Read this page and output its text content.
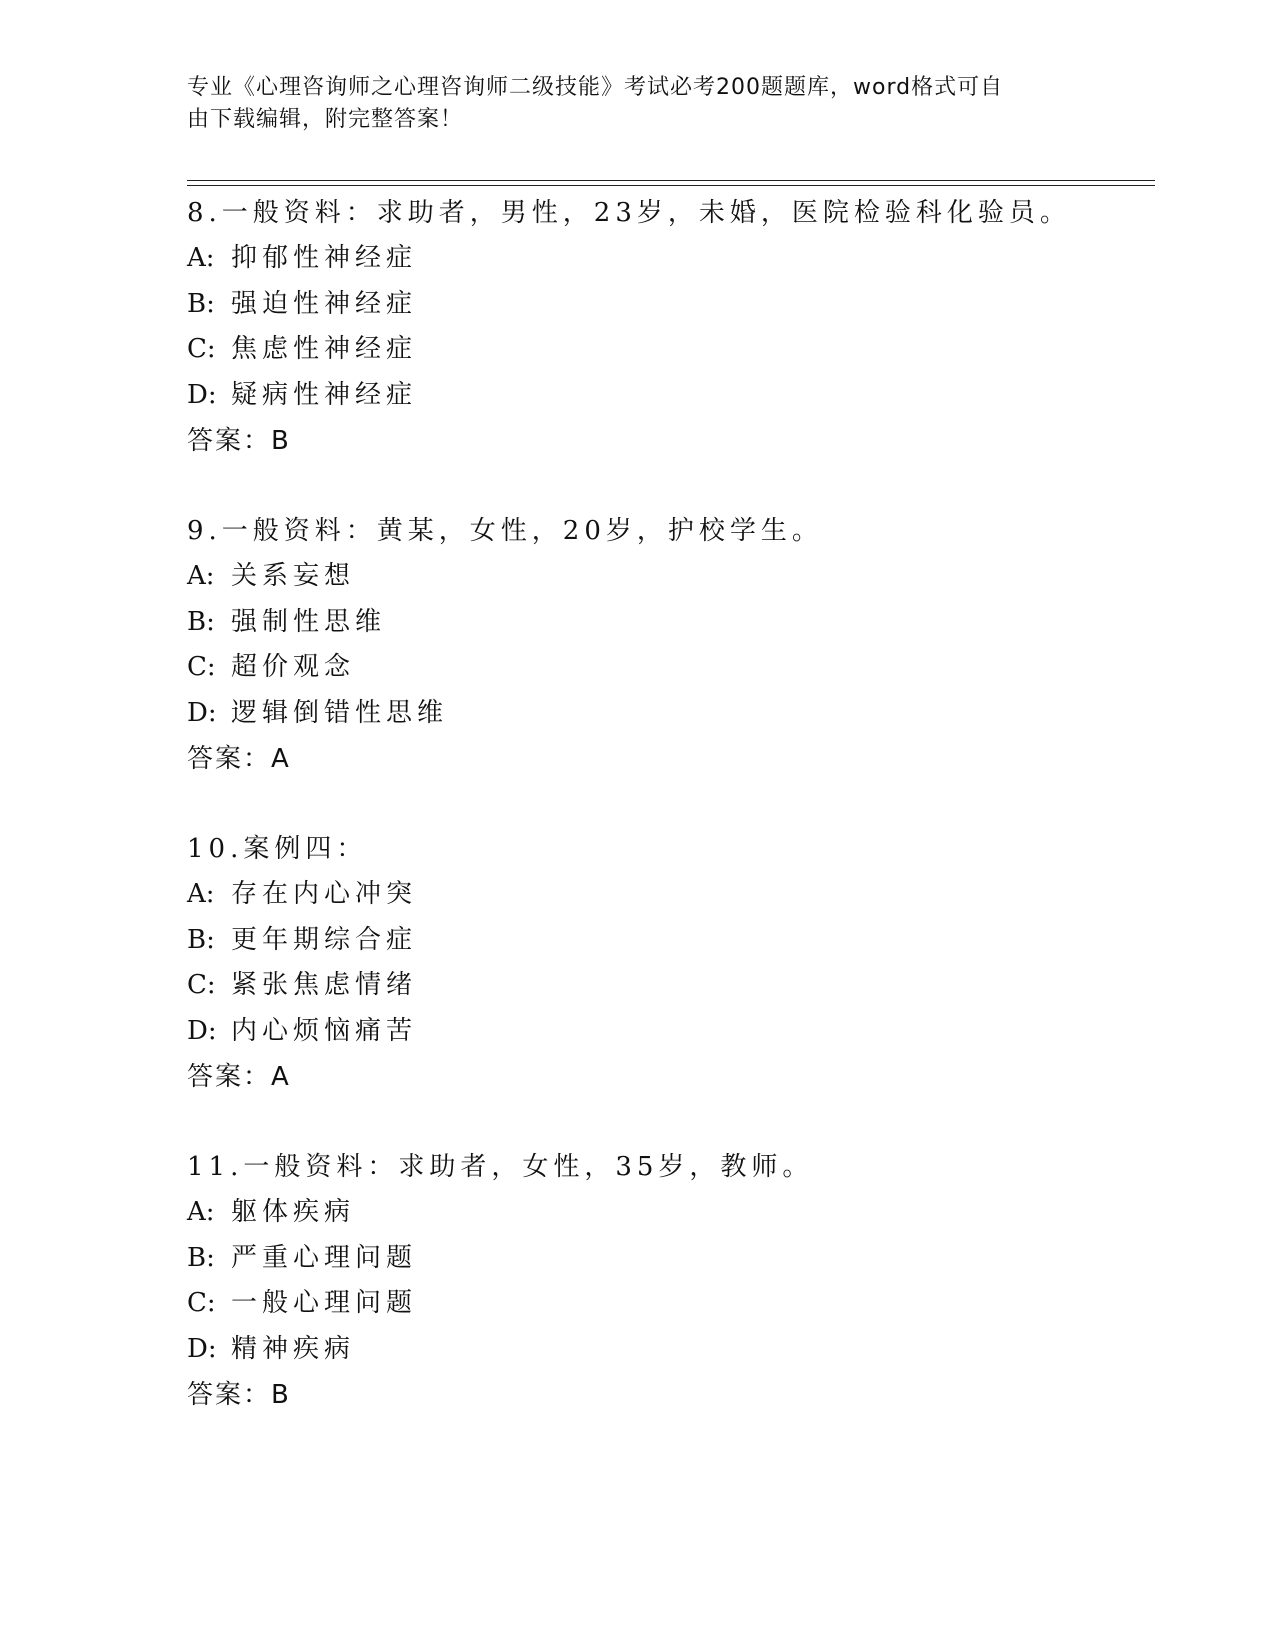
专业《心理咨询师之心理咨询师二级技能》考试必考200题题库，word格式可自
由下载编辑，附完整答案！
8.一般资料：求助者，男性，23岁，未婚，医院检验科化验员。
A: 抑郁性神经症
B: 强迫性神经症
C: 焦虑性神经症
D: 疑病性神经症
答案：B
9.一般资料：黄某，女性，20岁，护校学生。
A: 关系妄想
B: 强制性思维
C: 超价观念
D: 逻辑倒错性思维
答案：A
10.案例四：
A: 存在内心冲突
B: 更年期综合症
C: 紧张焦虑情绪
D: 内心烦恼痛苦
答案：A
11.一般资料：求助者，女性，35岁，教师。
A: 躯体疾病
B: 严重心理问题
C: 一般心理问题
D: 精神疾病
答案：B
